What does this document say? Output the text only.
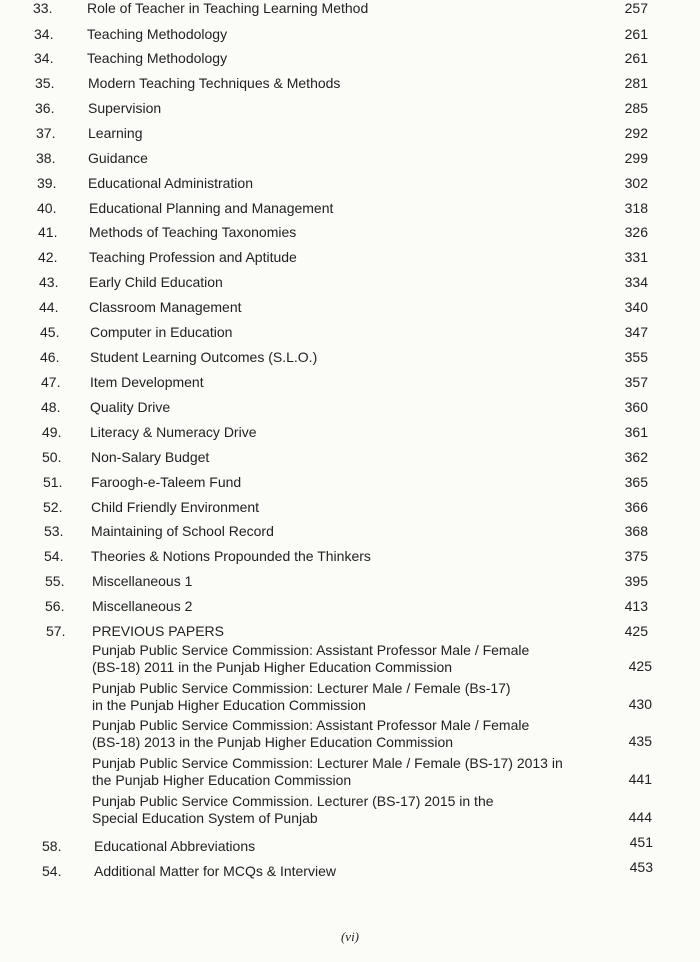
33.	Role of Teacher in Teaching Learning Method	257
34.	Teaching Methodology	261
34.	Teaching Methodology	261
35.	Modern Teaching Techniques & Methods	281
36.	Supervision	285
37.	Learning	292
38.	Guidance	299
39.	Educational Administration	302
40.	Educational Planning and Management	318
41.	Methods of Teaching Taxonomies	326
42.	Teaching Profession and Aptitude	331
43.	Early Child Education	334
44.	Classroom Management	340
45.	Computer in Education	347
46.	Student Learning Outcomes (S.L.O.)	355
47.	Item Development	357
48.	Quality Drive	360
49.	Literacy & Numeracy Drive	361
50.	Non-Salary Budget	362
51.	Faroogh-e-Taleem Fund	365
52.	Child Friendly Environment	366
53.	Maintaining of School Record	368
54.	Theories & Notions Propounded the Thinkers	375
55.	Miscellaneous 1	395
56.	Miscellaneous 2	413
57.	PREVIOUS PAPERS	425
Punjab Public Service Commission: Assistant Professor Male / Female
(BS-18) 2011 in the Punjab Higher Education Commission	425
Punjab Public Service Commission: Lecturer Male / Female (Bs-17)
in the Punjab Higher Education Commission	430
Punjab Public Service Commission: Assistant Professor Male / Female
(BS-18) 2013 in the Punjab Higher Education Commission	435
Punjab Public Service Commission: Lecturer Male / Female (BS-17) 2013 in
the Punjab Higher Education Commission	441
Punjab Public Service Commission. Lecturer (BS-17) 2015 in the
Special Education System of Punjab	444
58.	Educational Abbreviations	451
54.	Additional Matter for MCQs & Interview	453
(vi)
